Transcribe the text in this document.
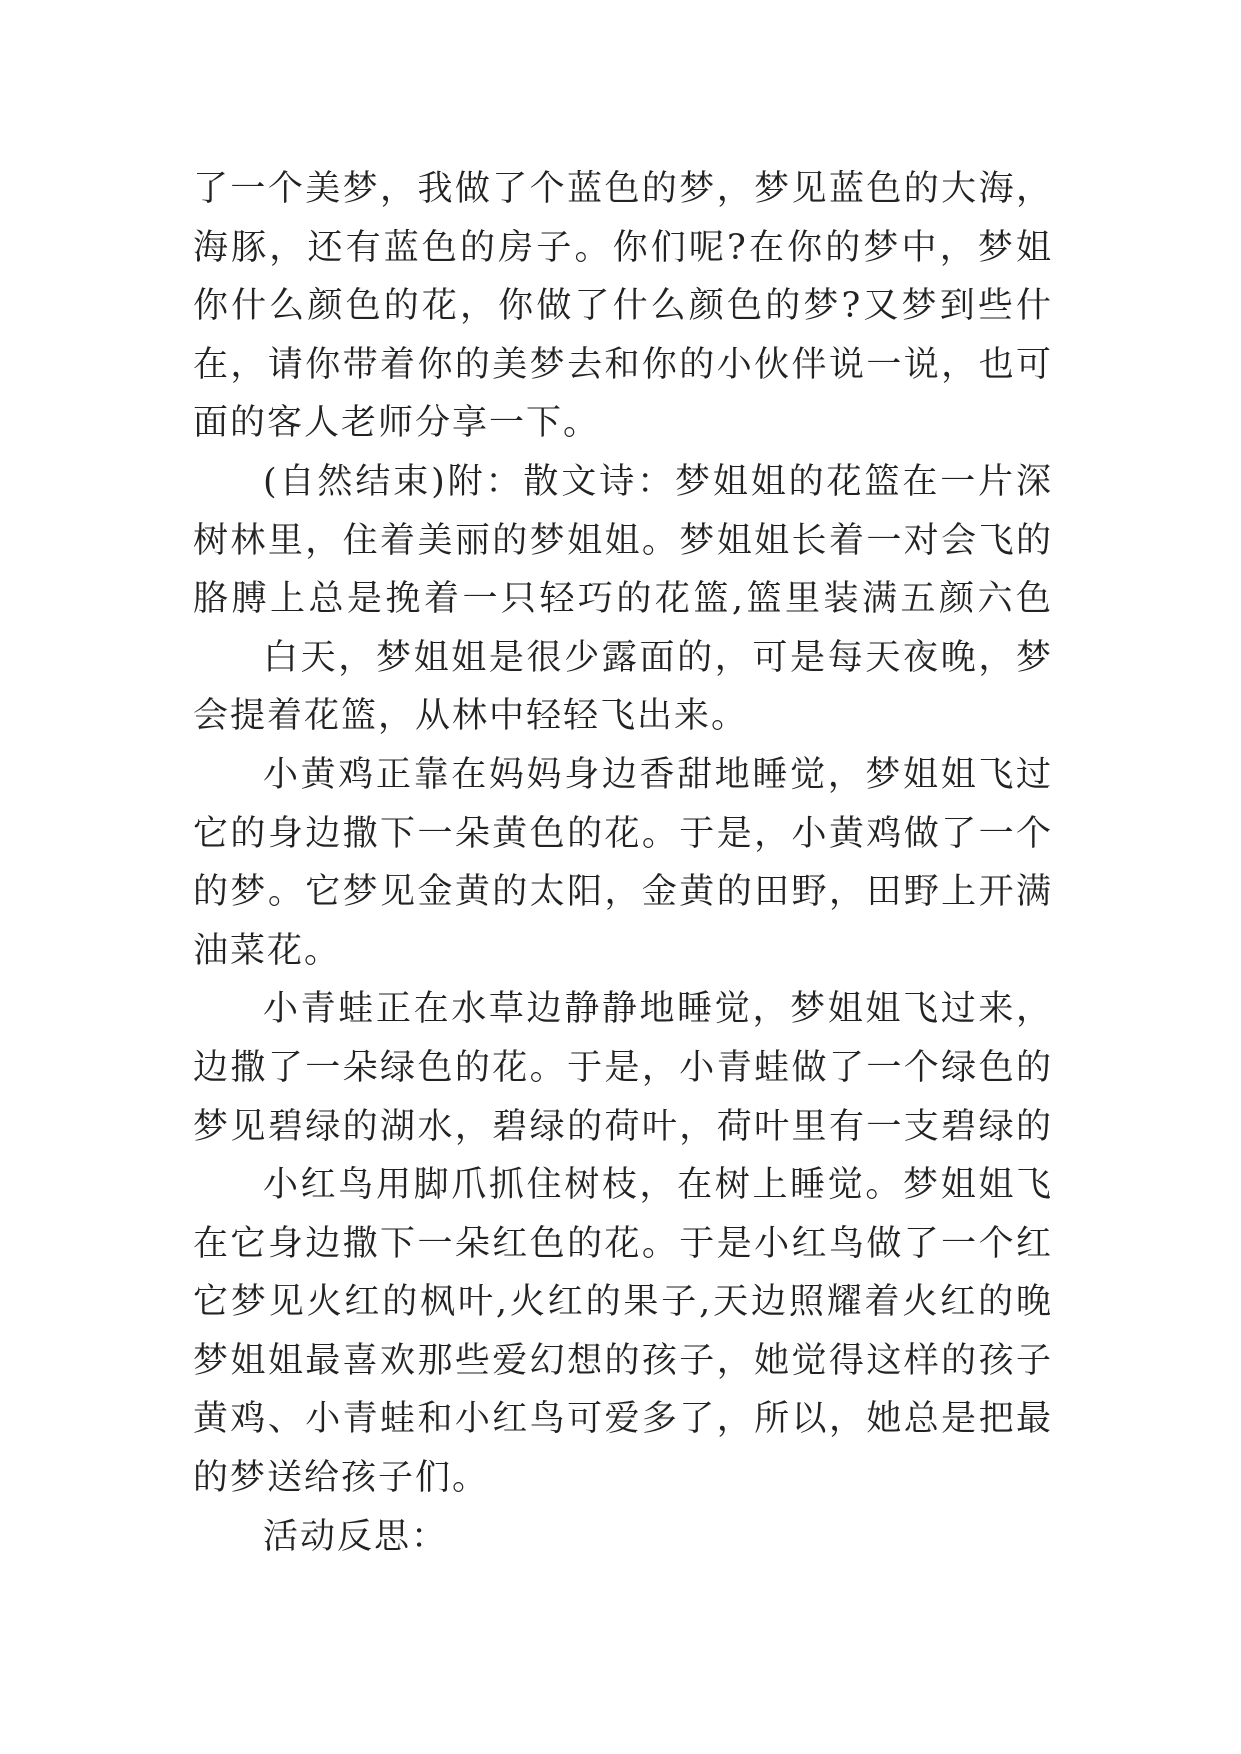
了一个美梦，我做了个蓝色的梦，梦见蓝色的大海，
海豚，还有蓝色的房子。你们呢?在你的梦中，梦姐
你什么颜色的花，你做了什么颜色的梦?又梦到些什
在，请你带着你的美梦去和你的小伙伴说一说，也可
面的客人老师分享一下。
(自然结束)附：散文诗：梦姐姐的花篮在一片深
树林里，住着美丽的梦姐姐。梦姐姐长着一对会飞的
胳膊上总是挽着一只轻巧的花篮,篮里装满五颜六色
白天，梦姐姐是很少露面的，可是每天夜晚，梦
会提着花篮，从林中轻轻飞出来。
小黄鸡正靠在妈妈身边香甜地睡觉，梦姐姐飞过
它的身边撒下一朵黄色的花。于是，小黄鸡做了一个
的梦。它梦见金黄的太阳，金黄的田野，田野上开满
油菜花。
小青蛙正在水草边静静地睡觉，梦姐姐飞过来，
边撒了一朵绿色的花。于是，小青蛙做了一个绿色的
梦见碧绿的湖水，碧绿的荷叶，荷叶里有一支碧绿的
小红鸟用脚爪抓住树枝，在树上睡觉。梦姐姐飞
在它身边撒下一朵红色的花。于是小红鸟做了一个红
它梦见火红的枫叶,火红的果子,天边照耀着火红的晚
梦姐姐最喜欢那些爱幻想的孩子，她觉得这样的孩子
黄鸡、小青蛙和小红鸟可爱多了，所以，她总是把最
的梦送给孩子们。
活动反思：
